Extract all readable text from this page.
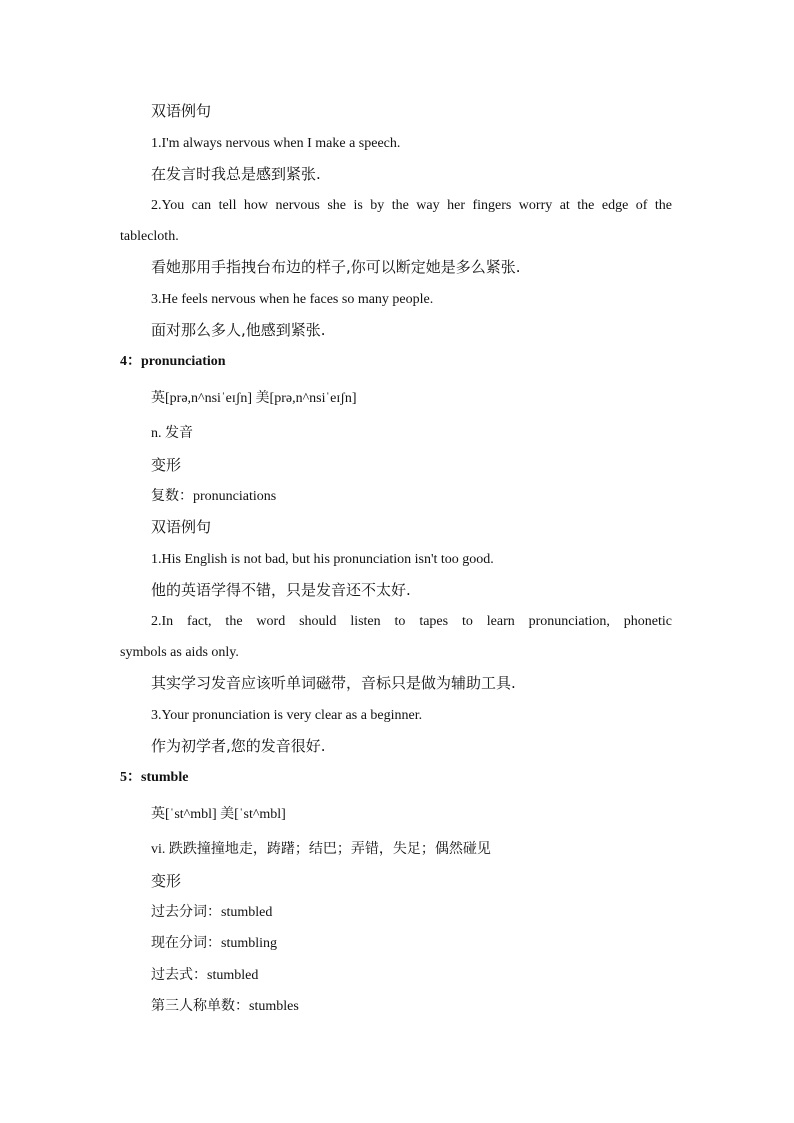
双语例句
1.I'm always nervous when I make a speech.
在发言时我总是感到紧张.
2.You can tell how nervous she is by the way her fingers worry at the edge of the
tablecloth.
看她那用手指拽台布边的样子,你可以断定她是多么紧张.
3.He feels nervous when he faces so many people.
面对那么多人,他感到紧张.
4：pronunciation
英[prə,n^nsiˈeɪʃn] 美[prə,n^nsiˈeɪʃn]
n. 发音
变形
复数：pronunciations
双语例句
1.His English is not bad, but his pronunciation isn't too good.
他的英语学得不错，只是发音还不太好.
2.In fact, the word should listen to tapes to learn pronunciation, phonetic
symbols as aids only.
其实学习发音应该听单词磁带，音标只是做为辅助工具.
3.Your pronunciation is very clear as a beginner.
作为初学者,您的发音很好.
5：stumble
英[ˈst^mbl] 美[ˈst^mbl]
vi. 跌跌撞撞地走，踌躇；结巴；弄错，失足；偶然碰见
变形
过去分词：stumbled
现在分词：stumbling
过去式：stumbled
第三人称单数：stumbles
